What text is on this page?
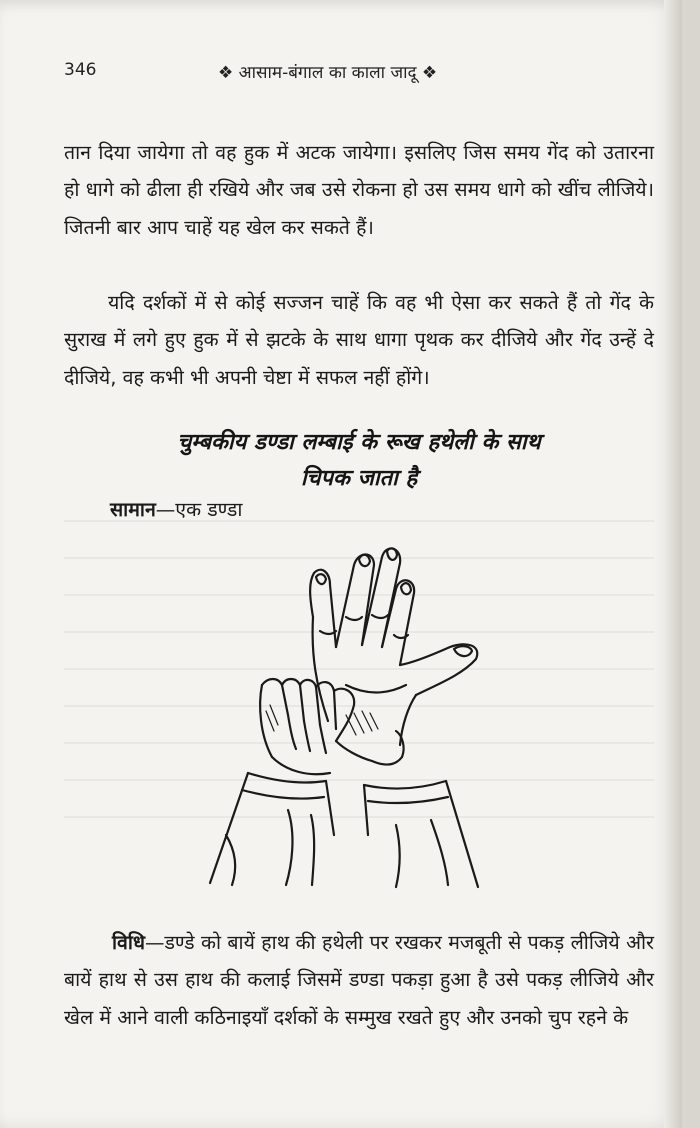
346	❖ आसाम-बंगाल का काला जादू ❖

तान दिया जायेगा तो वह हुक में अटक जायेगा। इसलिए जिस समय गेंद को उतारना हो धागे को ढीला ही रखिये और जब उसे रोकना हो उस समय धागे को खींच लीजिये। जितनी बार आप चाहें यह खेल कर सकते हैं।

यदि दर्शकों में से कोई सज्जन चाहें कि वह भी ऐसा कर सकते हैं तो गेंद के सुराख में लगे हुए हुक में से झटके के साथ धागा पृथक कर दीजिये और गेंद उन्हें दे दीजिये, वह कभी भी अपनी चेष्टा में सफल नहीं होंगे।

चुम्बकीय डण्डा लम्बाई के रूख हथेली के साथ
चिपक जाता है
सामान—एक डण्डा

विधि—डण्डे को बायें हाथ की हथेली पर रखकर मजबूती से पकड़ लीजिये और बायें हाथ से उस हाथ की कलाई जिसमें डण्डा पकड़ा हुआ है उसे पकड़ लीजिये और खेल में आने वाली कठिनाइयाँ दर्शकों के सम्मुख रखते हुए और उनको चुप रहने के
